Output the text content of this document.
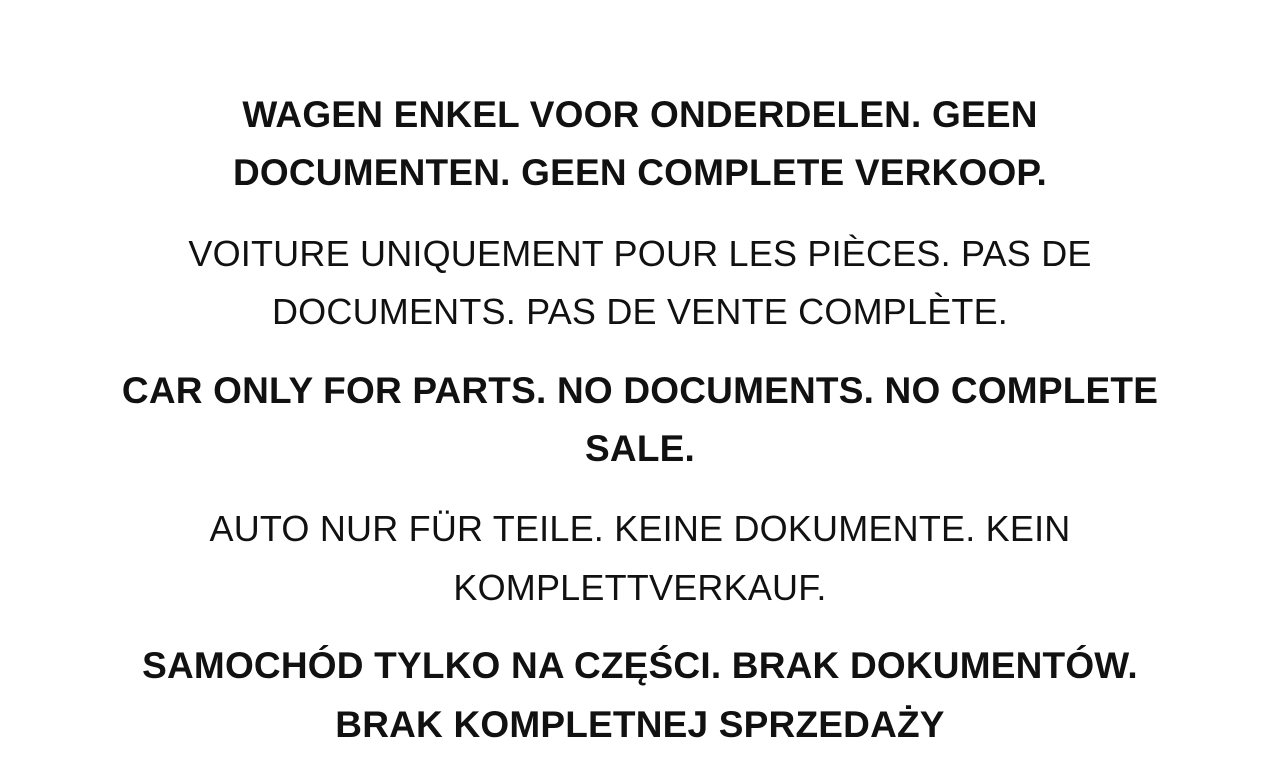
WAGEN ENKEL VOOR ONDERDELEN. GEEN DOCUMENTEN. GEEN COMPLETE VERKOOP.

VOITURE UNIQUEMENT POUR LES PIÈCES. PAS DE DOCUMENTS. PAS DE VENTE COMPLÈTE.

CAR ONLY FOR PARTS. NO DOCUMENTS. NO COMPLETE SALE.

AUTO NUR FÜR TEILE. KEINE DOKUMENTE. KEIN KOMPLETTVERKAUF.

SAMOCHÓD TYLKO NA CZĘŚCI. BRAK DOKUMENTÓW. BRAK KOMPLETNEJ SPRZEDAŻY
